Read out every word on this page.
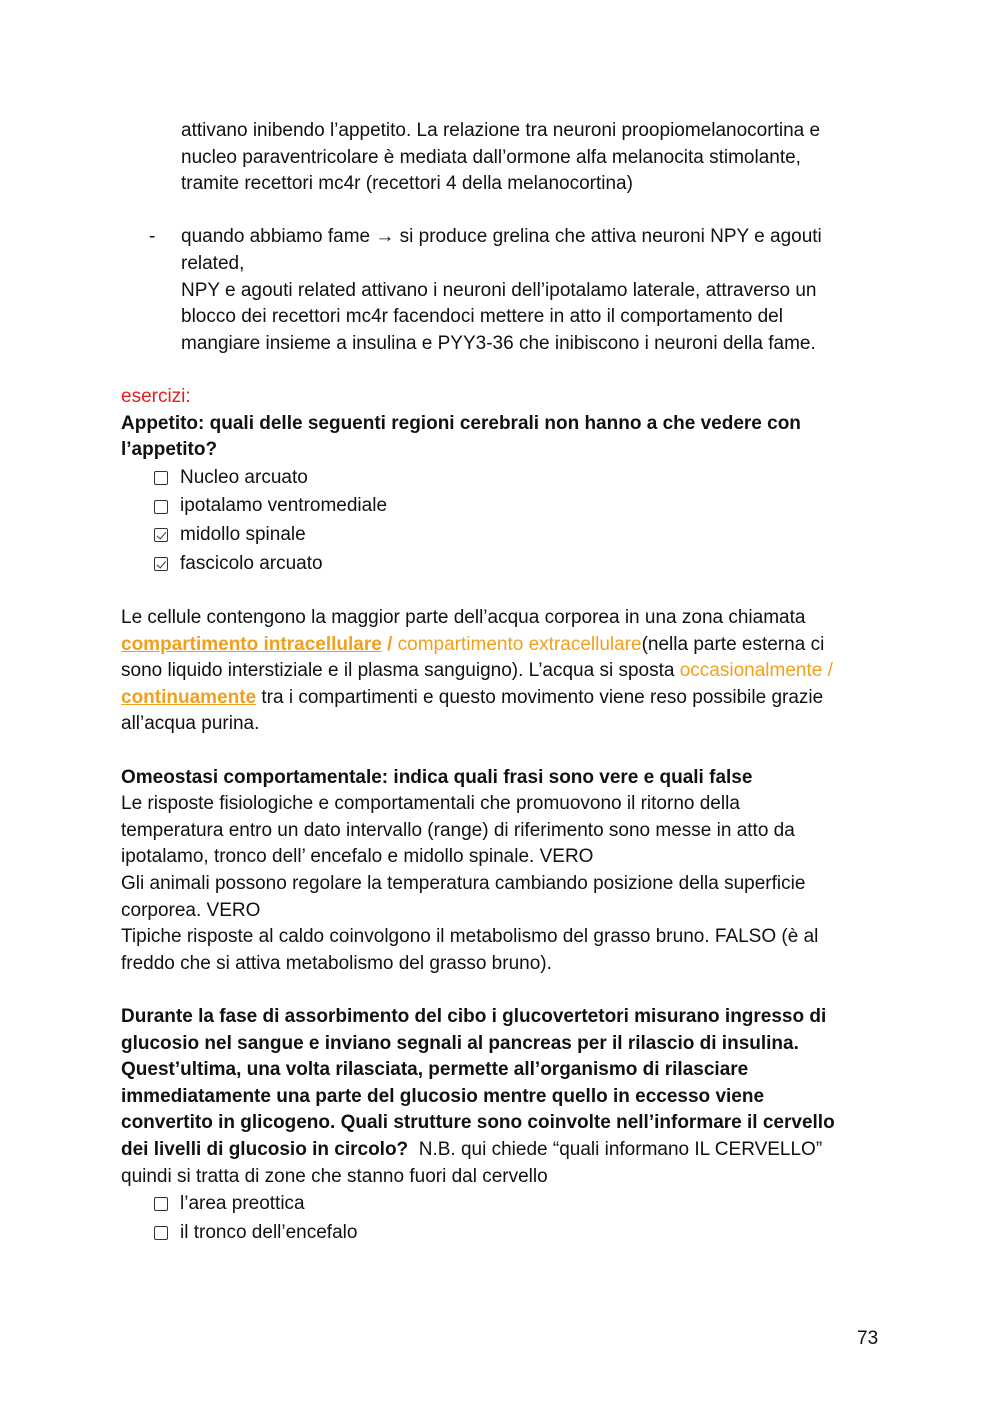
attivano inibendo l’appetito. La relazione tra neuroni proopiomelanocortina e
nucleo paraventricolare è mediata dall’ormone alfa melanocita stimolante,
tramite recettori mc4r (recettori 4 della melanocortina)
- quando abbiamo fame → si produce grelina che attiva neuroni NPY e agouti
related,
NPY e agouti related attivano i neuroni dell’ipotalamo laterale, attraverso un
blocco dei recettori mc4r facendoci mettere in atto il comportamento del
mangiare insieme a insulina e PYY3-36 che inibiscono i neuroni della fame.
esercizi:
Appetito: quali delle seguenti regioni cerebrali non hanno a che vedere con
l’appetito?
Nucleo arcuato
ipotalamo ventromediale
midollo spinale
fascicolo arcuato
Le cellule contengono la maggior parte dell’acqua corporea in una zona chiamata
compartimento intracellulare / compartimento extracellulare(nella parte esterna ci
sono liquido interstiziale e il plasma sanguigno). L’acqua si sposta occasionalmente /
continuamente tra i compartimenti e questo movimento viene reso possibile grazie
all’acqua purina.
Omeostasi comportamentale: indica quali frasi sono vere e quali false
Le risposte fisiologiche e comportamentali che promuovono il ritorno della
temperatura entro un dato intervallo (range) di riferimento sono messe in atto da
ipotalamo, tronco dell’ encefalo e midollo spinale. VERO
Gli animali possono regolare la temperatura cambiando posizione della superficie
corporea. VERO
Tipiche risposte al caldo coinvolgono il metabolismo del grasso bruno. FALSO (è al
freddo che si attiva metabolismo del grasso bruno).
Durante la fase di assorbimento del cibo i glucovertetori misurano ingresso di
glucosio nel sangue e inviano segnali al pancreas per il rilascio di insulina.
Quest’ultima, una volta rilasciata, permette all’organismo di rilasciare
immediatamente una parte del glucosio mentre quello in eccesso viene
convertito in glicogeno. Quali strutture sono coinvolte nell’informare il cervello
dei livelli di glucosio in circolo?  N.B. qui chiede “quali informano IL CERVELLO”
quindi si tratta di zone che stanno fuori dal cervello
l’area preottica
il tronco dell’encefalo
73
